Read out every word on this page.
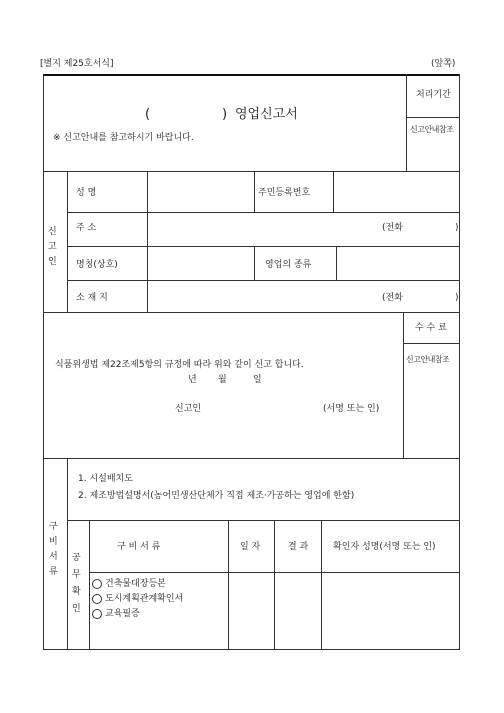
[별지 제25호서식]	(앞쪽)
(	) 영업신고서
※ 신고안내를 참고하시기 바랍니다.
처리기간
신고안내참조
신
고
인
성 명	주민등록번호
주 소	(전화	)
명칭(상호)	영업의 종류
소 재 지	(전화	)
식품위생법 제22조제5항의 규정에 따라 위와 같이 신고 합니다.
년 월	일
신고인	(서명 또는 인)
수 수 료
신고안내참조
구
비
서
류
1. 시설배치도
2. 제조방법설명서(농어민생산단체가 직접 제조·가공하는 영업에 한함)
공
무
확
인
구 비 서 류	일 자	결 과	확인자 성명(서명 또는 인)
건축물대장등본
도시계획관계확인서
교육필증
